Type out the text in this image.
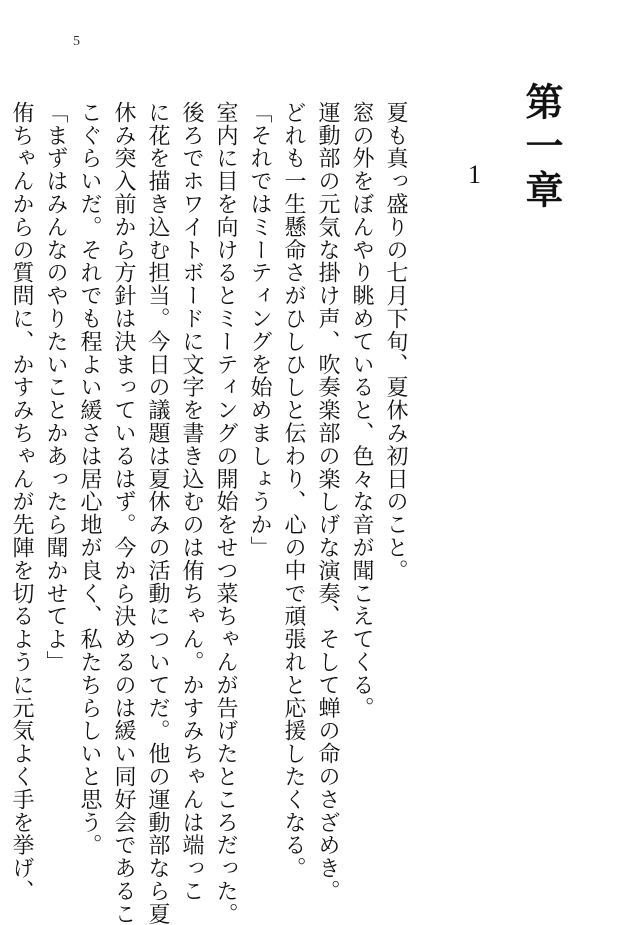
5
第一章
1
夏も真っ盛りの七月下旬、夏休み初日のこと。
窓の外をぼんやり眺めていると、色々な音が聞こえてくる。
運動部の元気な掛け声、吹奏楽部の楽しげな演奏、そして蝉の命のさざめき。
どれも一生懸命さがひしひしと伝わり、心の中で頑張れと応援したくなる。
「それではミーティングを始めましょうか」
室内に目を向けるとミーティングの開始をせつ菜ちゃんが告げたところだった。
後ろでホワイトボードに文字を書き込むのは侑ちゃん。かすみちゃんは端っこ
に花を描き込む担当。今日の議題は夏休みの活動についてだ。他の運動部なら夏
休み突入前から方針は決まっているはず。今から決めるのは緩い同好会であるこ
こぐらいだ。それでも程よい緩さは居心地が良く、私たちらしいと思う。
「まずはみんなのやりたいことかあったら聞かせてよ」
侑ちゃんからの質問に、かすみちゃんが先陣を切るように元気よく手を挙げ、
